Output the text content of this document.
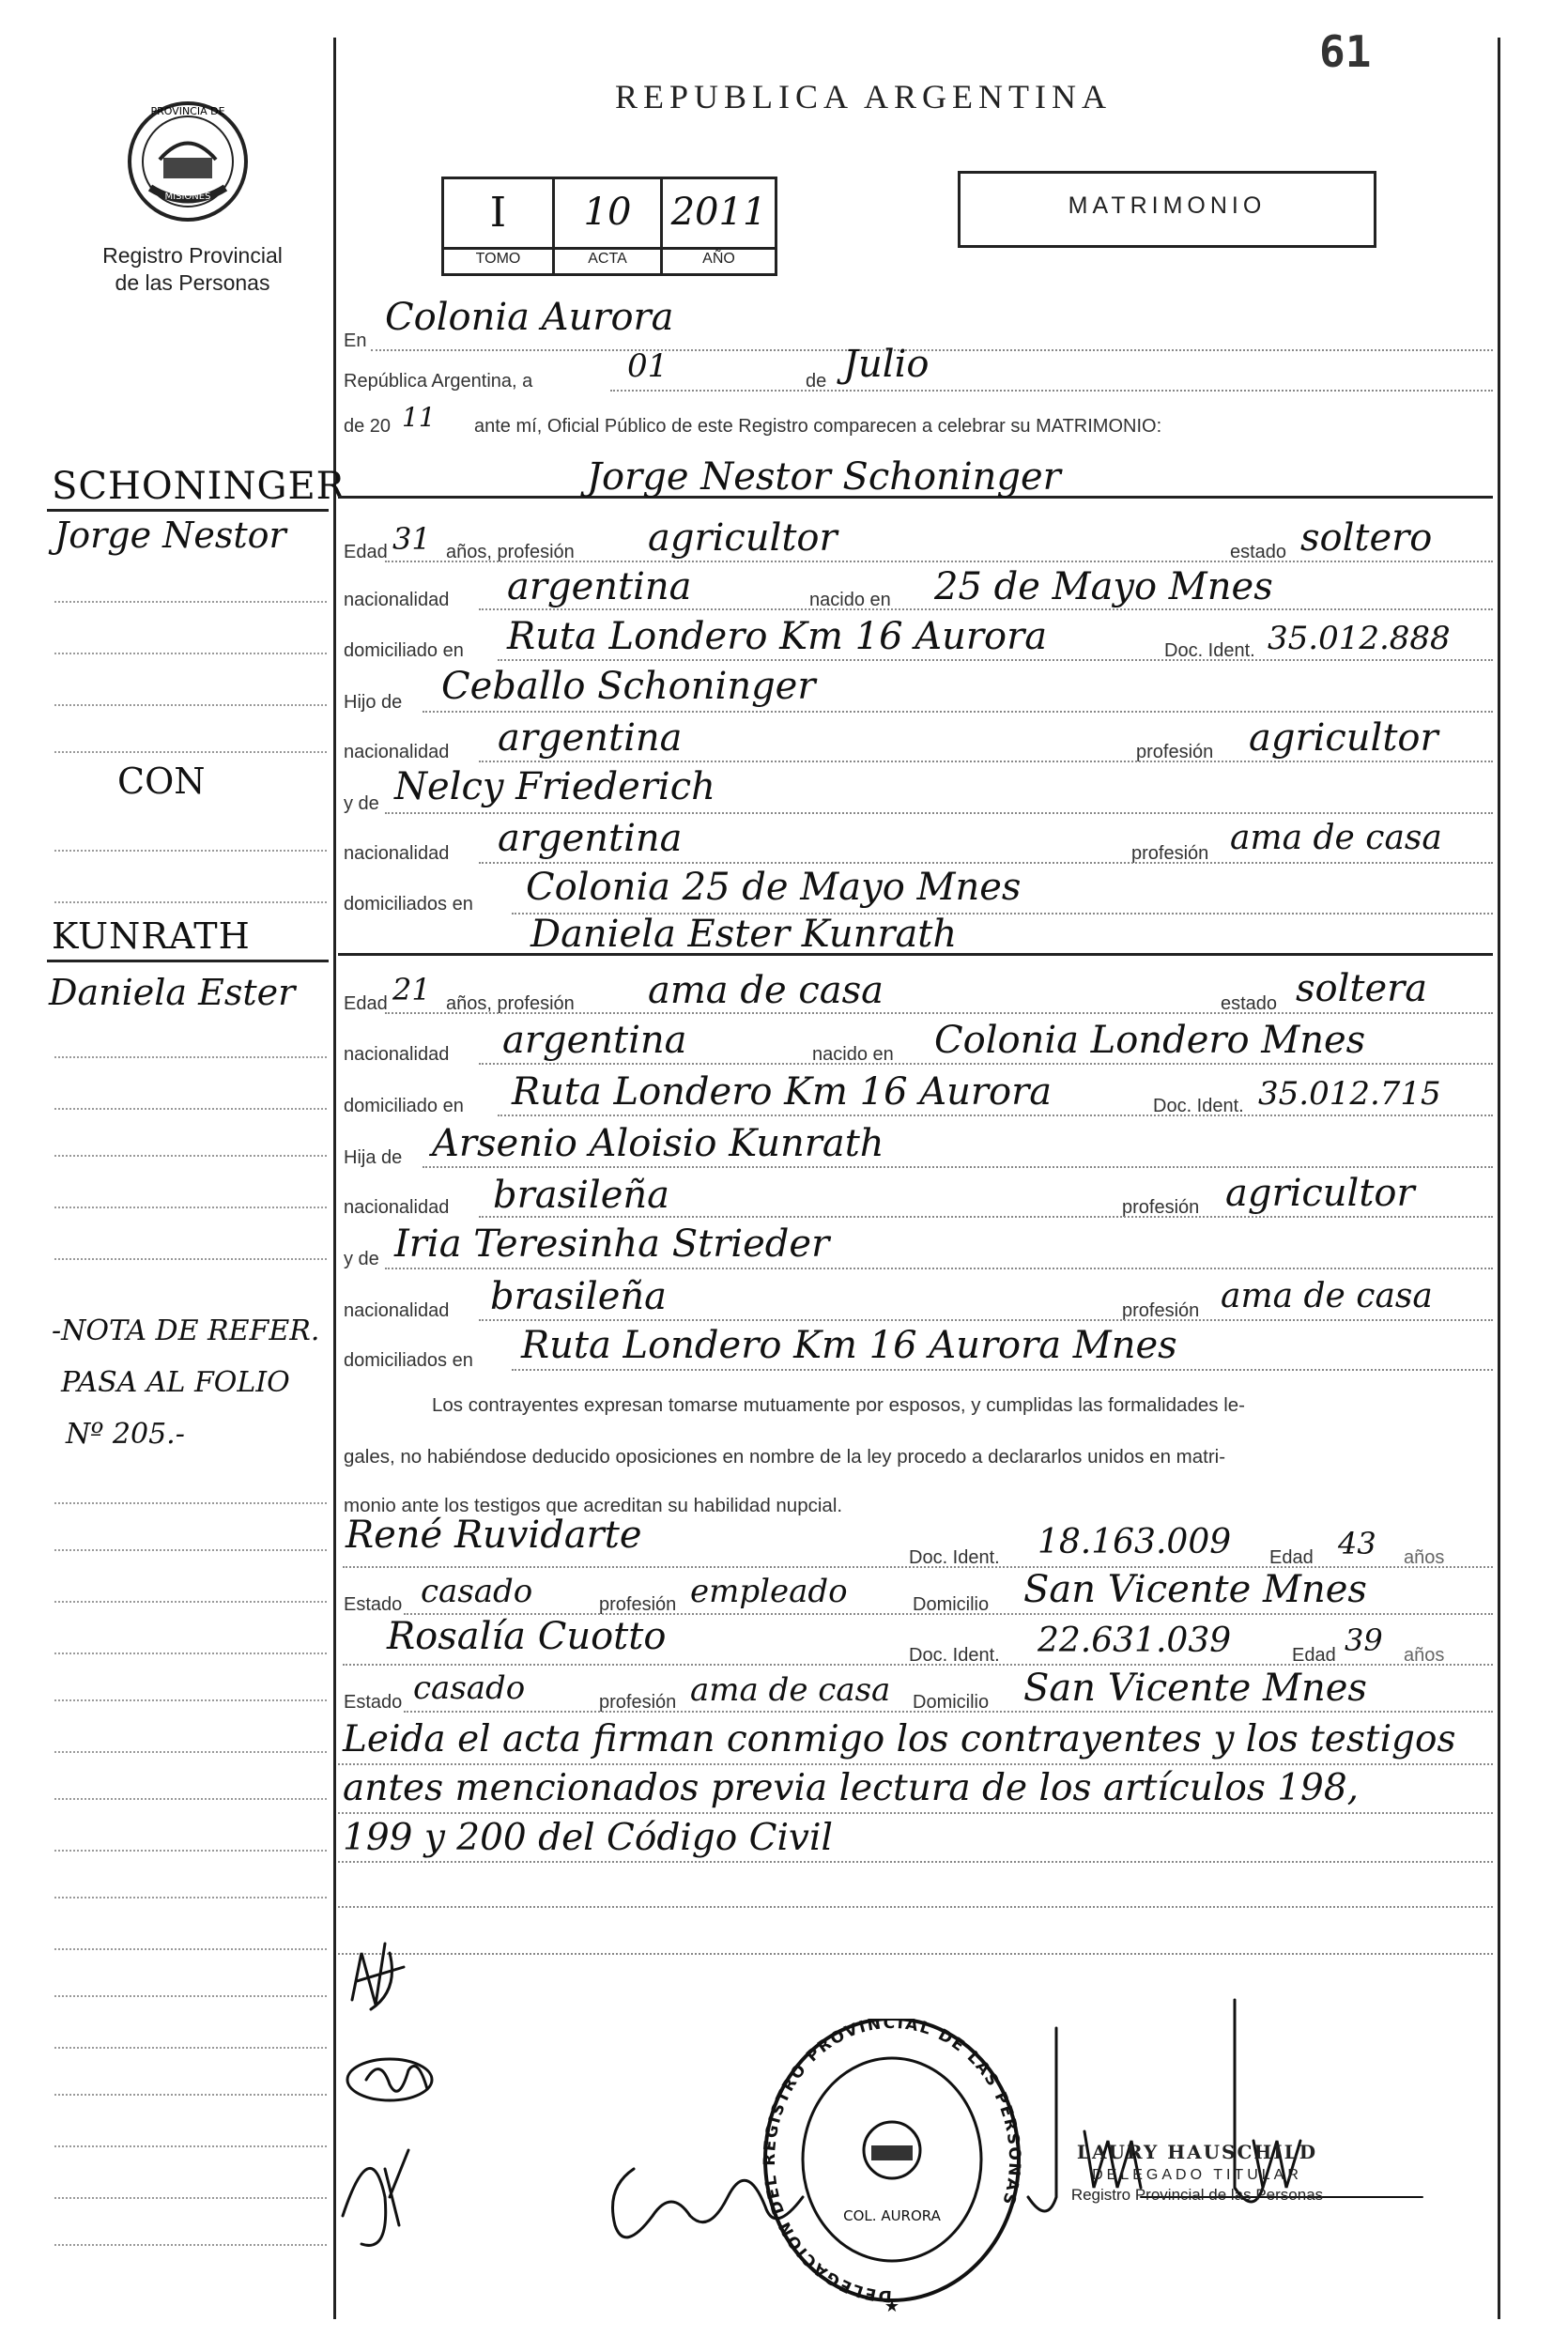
PROVINCIA DE
MISIONES
Registro Provincial
de las Personas
SCHONINGER
Jorge Nestor
CON
KUNRATH
Daniela Ester
-NOTA DE REFER.
PASA AL FOLIO
Nº 205.-
61
REPUBLICA ARGENTINA
I	10	2011
TOMO	ACTA	AÑO
MATRIMONIO
En
Colonia Aurora
República Argentina, a	01	de Julio
de 20 11 ante mí, Oficial Público de este Registro comparecen a celebrar su MATRIMONIO:
Jorge Nestor Schoninger
Edad 31 años, profesión agricultor	estado soltero
nacionalidad argentina	nacido en 25 de Mayo Mnes
domiciliado en Ruta Londero Km 16 Aurora	Doc. Ident. 35.012.888
Hijo de Ceballo Schoninger
nacionalidad argentina	profesión agricultor
y de Nelcy Friederich
nacionalidad argentina	profesión ama de casa
domiciliados en Colonia 25 de Mayo Mnes
Daniela Ester Kunrath
Edad 21 años, profesión ama de casa	estado soltera
nacionalidad argentina	nacido en Colonia Londero Mnes
domiciliado en Ruta Londero Km 16 Aurora	Doc. Ident. 35.012.715
Hija de Arsenio Aloisio Kunrath
nacionalidad brasileña	profesión agricultor
y de Iria Teresinha Strieder
nacionalidad brasileña	profesión ama de casa
domiciliados en Ruta Londero Km 16 Aurora Mnes
Los contrayentes expresan tomarse mutuamente por esposos, y cumplidas las formalidades le-
gales, no habiéndose deducido oposiciones en nombre de la ley procedo a declararlos unidos en matri-
monio ante los testigos que acreditan su habilidad nupcial.
René Ruvidarte
Doc. Ident. 18.163.009 Edad 43 años
Estado casado	profesión empleado	Domicilio San Vicente Mnes
Rosalía Cuotto	Doc. Ident. 22.631.039	Edad 39 años
Estado casado	profesión ama de casa Domicilio San Vicente Mnes
Leida el acta firman conmigo los contrayentes y los testigos
antes mencionados previa lectura de los artículos 198,
199 y 200 del Código Civil
DELEGACION DEL REGISTRO PROVINCIAL DE LAS PERSONAS
COL. AURORA
★
LAURY HAUSCHILD
DELEGADO TITULAR
Registro Provincial de las Personas
